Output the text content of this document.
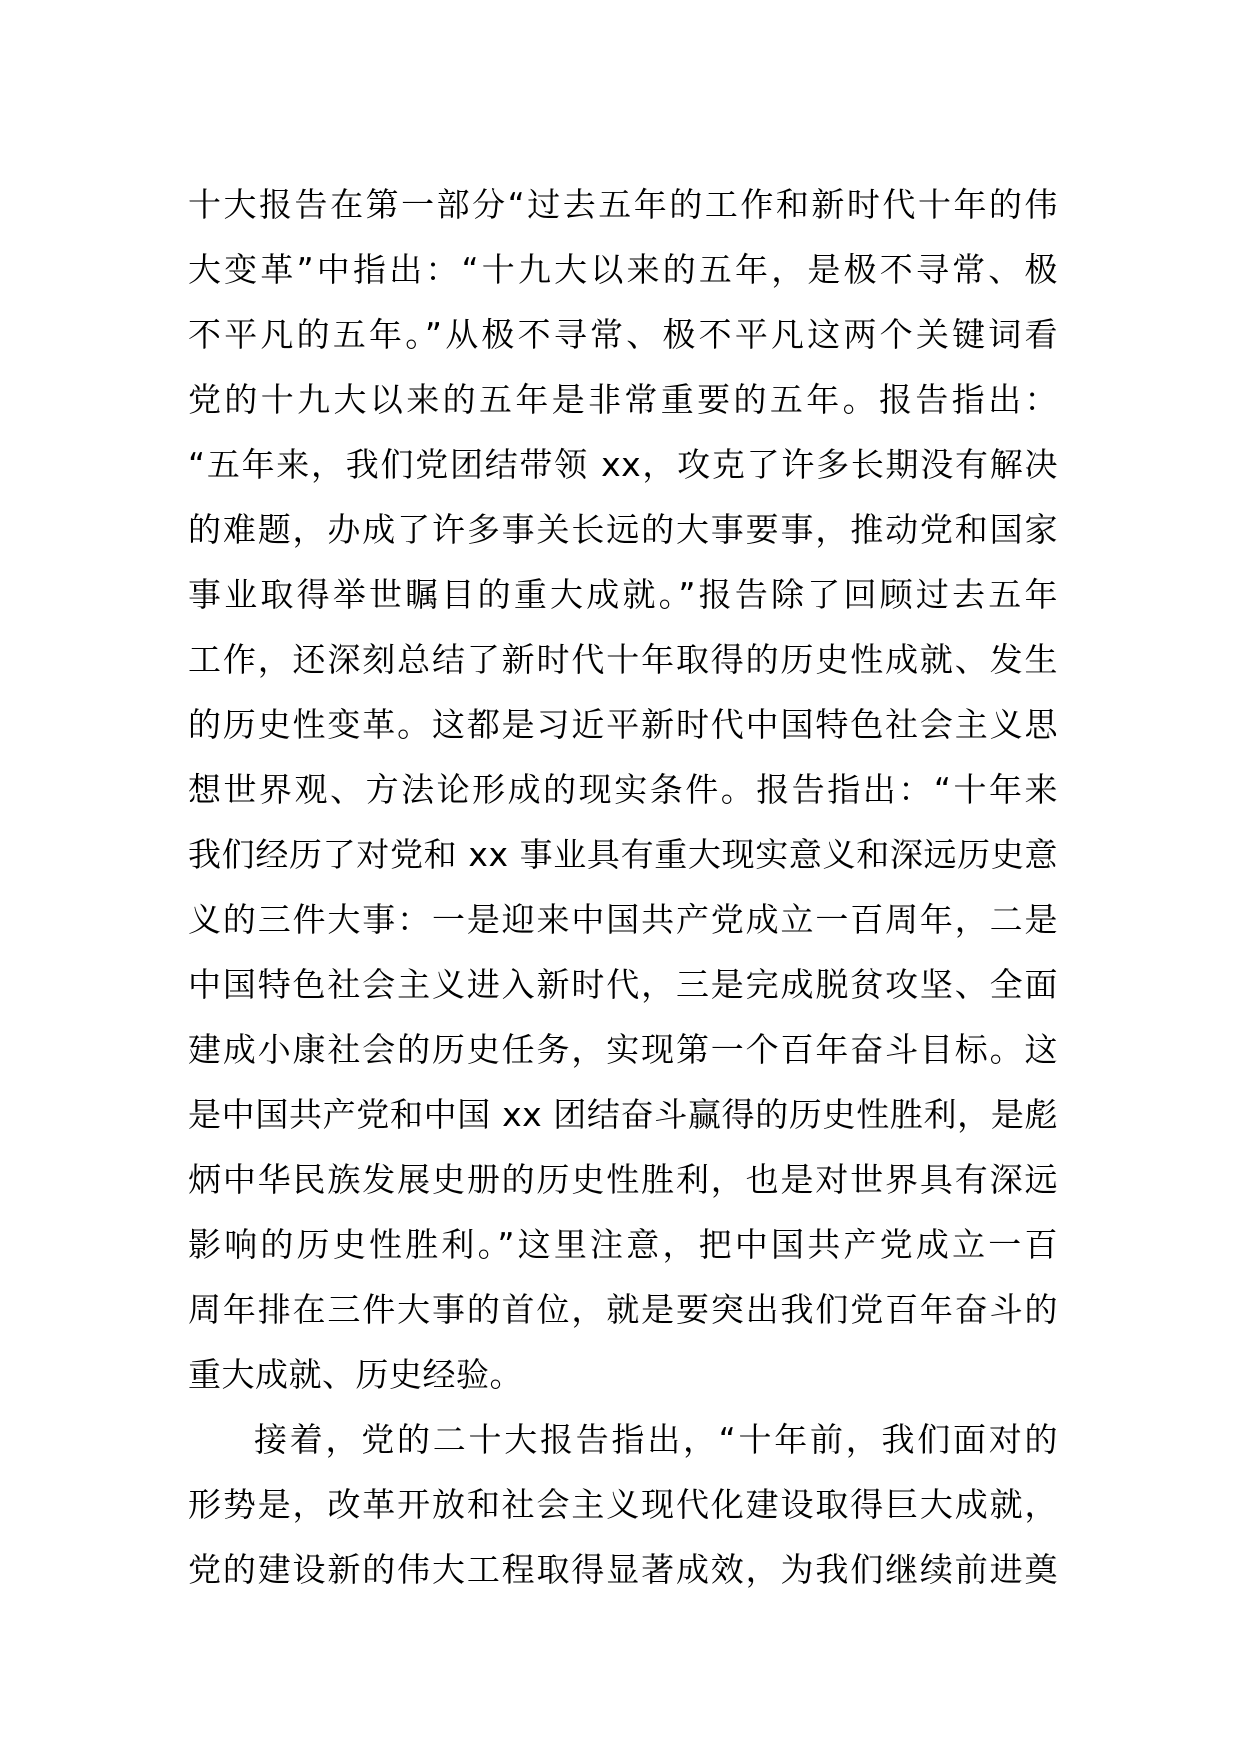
十大报告在第一部分“过去五年的工作和新时代十年的伟
大变革”中指出：“十九大以来的五年，是极不寻常、极
不平凡的五年。”从极不寻常、极不平凡这两个关键词看
党的十九大以来的五年是非常重要的五年。报告指出：
“五年来，我们党团结带领 xx，攻克了许多长期没有解决
的难题，办成了许多事关长远的大事要事，推动党和国家
事业取得举世瞩目的重大成就。”报告除了回顾过去五年
工作，还深刻总结了新时代十年取得的历史性成就、发生
的历史性变革。这都是习近平新时代中国特色社会主义思
想世界观、方法论形成的现实条件。报告指出：“十年来
我们经历了对党和 xx 事业具有重大现实意义和深远历史意
义的三件大事：一是迎来中国共产党成立一百周年，二是
中国特色社会主义进入新时代，三是完成脱贫攻坚、全面
建成小康社会的历史任务，实现第一个百年奋斗目标。这
是中国共产党和中国 xx 团结奋斗赢得的历史性胜利，是彪
炳中华民族发展史册的历史性胜利，也是对世界具有深远
影响的历史性胜利。”这里注意，把中国共产党成立一百
周年排在三件大事的首位，就是要突出我们党百年奋斗的
重大成就、历史经验。
接着，党的二十大报告指出，“十年前，我们面对的
形势是，改革开放和社会主义现代化建设取得巨大成就，
党的建设新的伟大工程取得显著成效，为我们继续前进奠
